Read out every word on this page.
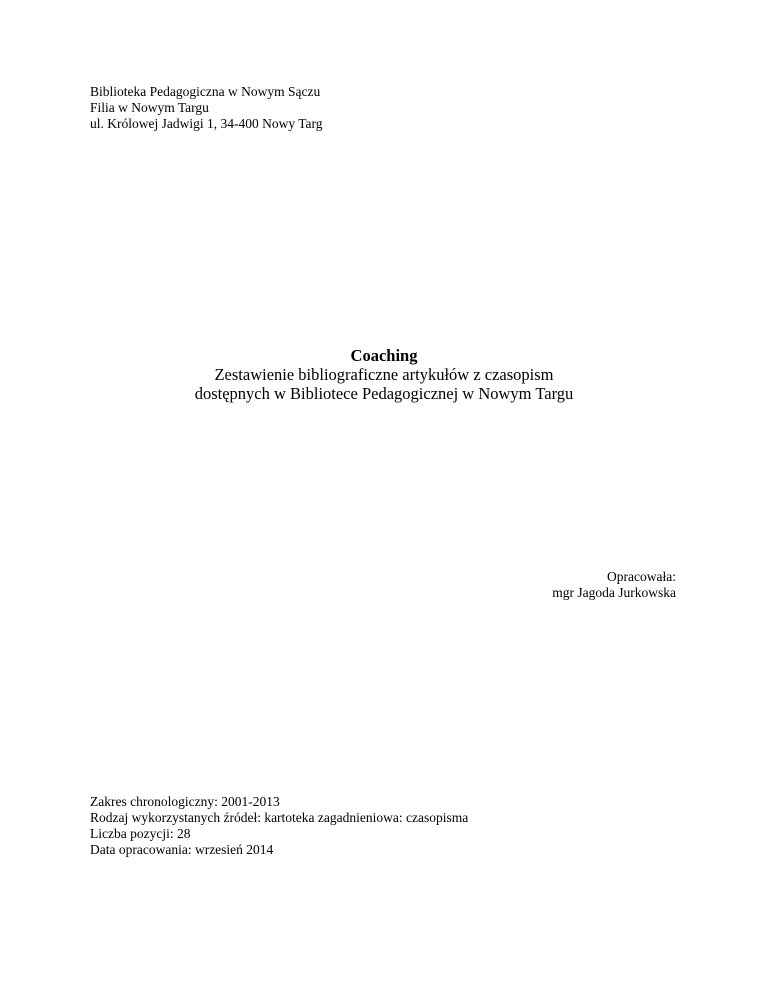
Biblioteka Pedagogiczna w Nowym Sączu
Filia w Nowym Targu
ul. Królowej Jadwigi 1, 34-400 Nowy Targ
Coaching
Zestawienie bibliograficzne artykułów z czasopism
dostępnych w Bibliotece Pedagogicznej w Nowym Targu
Opracowała:
mgr Jagoda Jurkowska
Zakres chronologiczny: 2001-2013
Rodzaj wykorzystanych źródeł: kartoteka zagadnieniowa: czasopisma
Liczba pozycji: 28
Data opracowania: wrzesień 2014
